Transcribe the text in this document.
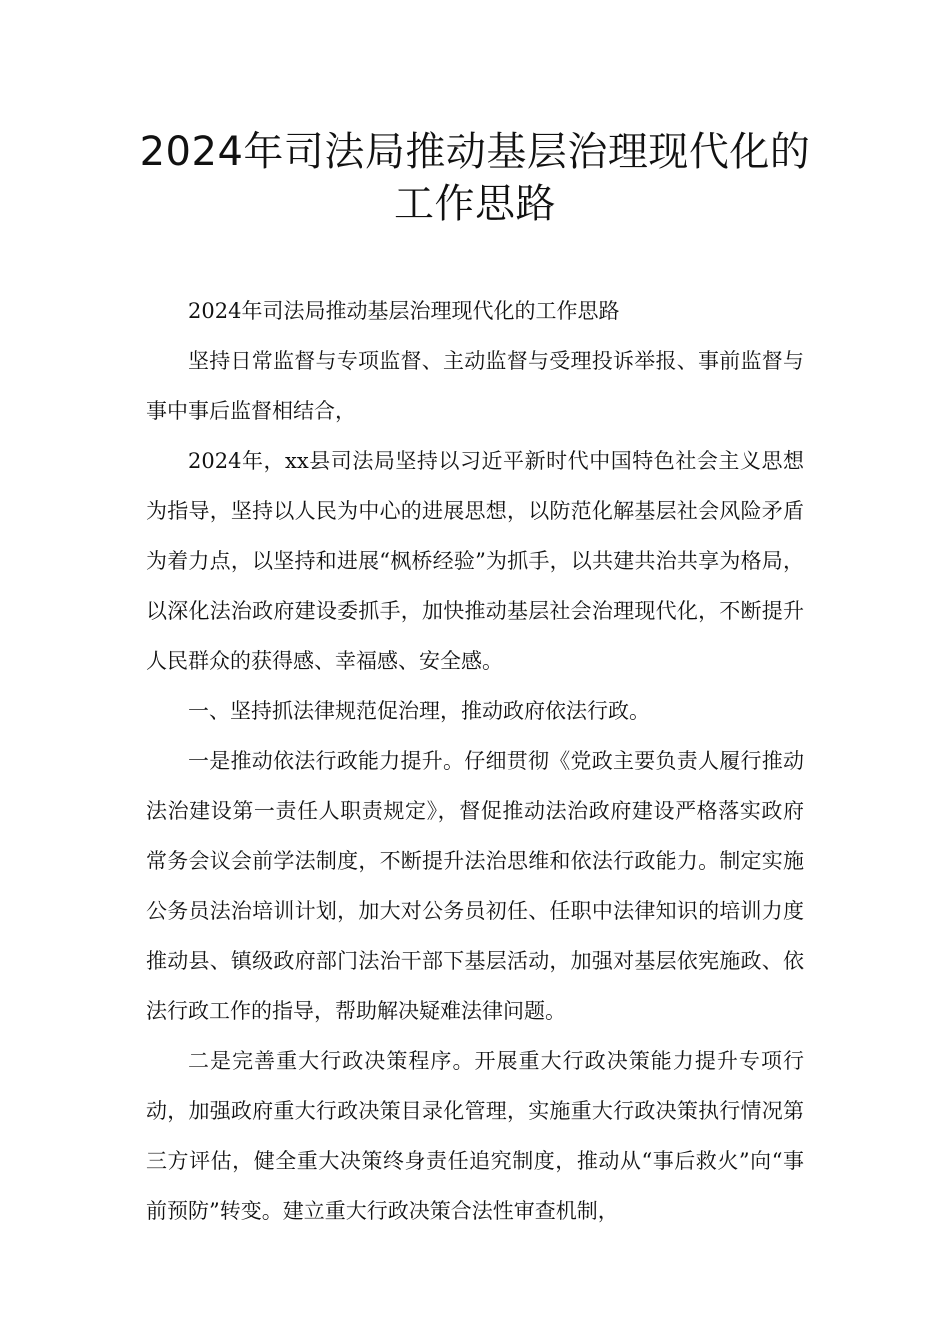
2024年司法局推动基层治理现代化的工作思路

2024年司法局推动基层治理现代化的工作思路

坚持日常监督与专项监督、主动监督与受理投诉举报、事前监督与事中事后监督相结合，

2024年，xx县司法局坚持以习近平新时代中国特色社会主义思想为指导，坚持以人民为中心的进展思想，以防范化解基层社会风险矛盾为着力点，以坚持和进展“枫桥经验”为抓手，以共建共治共享为格局，以深化法治政府建设委抓手，加快推动基层社会治理现代化，不断提升人民群众的获得感、幸福感、安全感。

一、坚持抓法律规范促治理，推动政府依法行政。

一是推动依法行政能力提升。仔细贯彻《党政主要负责人履行推动法治建设第一责任人职责规定》，督促推动法治政府建设严格落实政府常务会议会前学法制度，不断提升法治思维和依法行政能力。制定实施公务员法治培训计划，加大对公务员初任、任职中法律知识的培训力度推动县、镇级政府部门法治干部下基层活动，加强对基层依宪施政、依法行政工作的指导，帮助解决疑难法律问题。

二是完善重大行政决策程序。开展重大行政决策能力提升专项行动，加强政府重大行政决策目录化管理，实施重大行政决策执行情况第三方评估，健全重大决策终身责任追究制度，推动从“事后救火”向“事前预防”转变。建立重大行政决策合法性审查机制，
